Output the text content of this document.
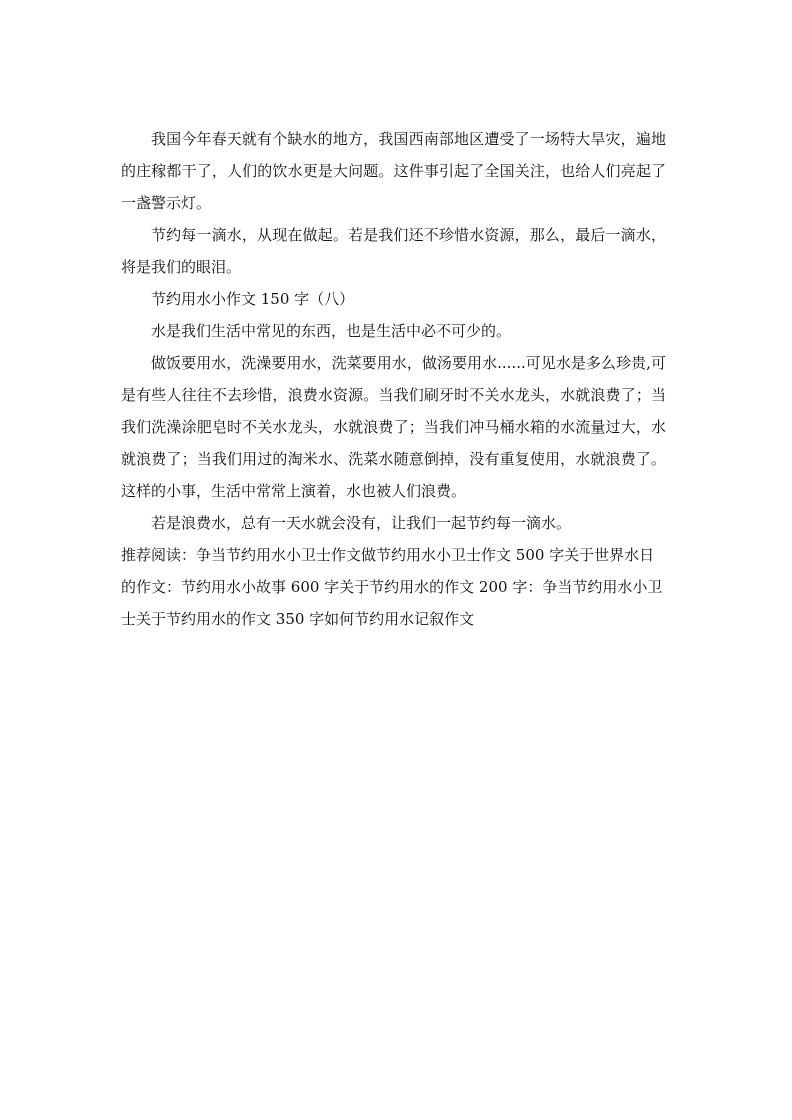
我国今年春天就有个缺水的地方，我国西南部地区遭受了一场特大旱灾，遍地的庄稼都干了，人们的饮水更是大问题。这件事引起了全国关注，也给人们亮起了一盏警示灯。

节约每一滴水，从现在做起。若是我们还不珍惜水资源，那么，最后一滴水，将是我们的眼泪。

节约用水小作文 150 字（八）

水是我们生活中常见的东西，也是生活中必不可少的。

做饭要用水，洗澡要用水，洗菜要用水，做汤要用水......可见水是多么珍贵,可是有些人往往不去珍惜，浪费水资源。当我们刷牙时不关水龙头，水就浪费了；当我们洗澡涂肥皂时不关水龙头，水就浪费了；当我们冲马桶水箱的水流量过大，水就浪费了；当我们用过的淘米水、洗菜水随意倒掉，没有重复使用，水就浪费了。这样的小事，生活中常常上演着，水也被人们浪费。

若是浪费水，总有一天水就会没有，让我们一起节约每一滴水。

推荐阅读：争当节约用水小卫士作文做节约用水小卫士作文 500 字关于世界水日的作文：节约用水小故事 600 字关于节约用水的作文 200 字：争当节约用水小卫士关于节约用水的作文 350 字如何节约用水记叙作文
